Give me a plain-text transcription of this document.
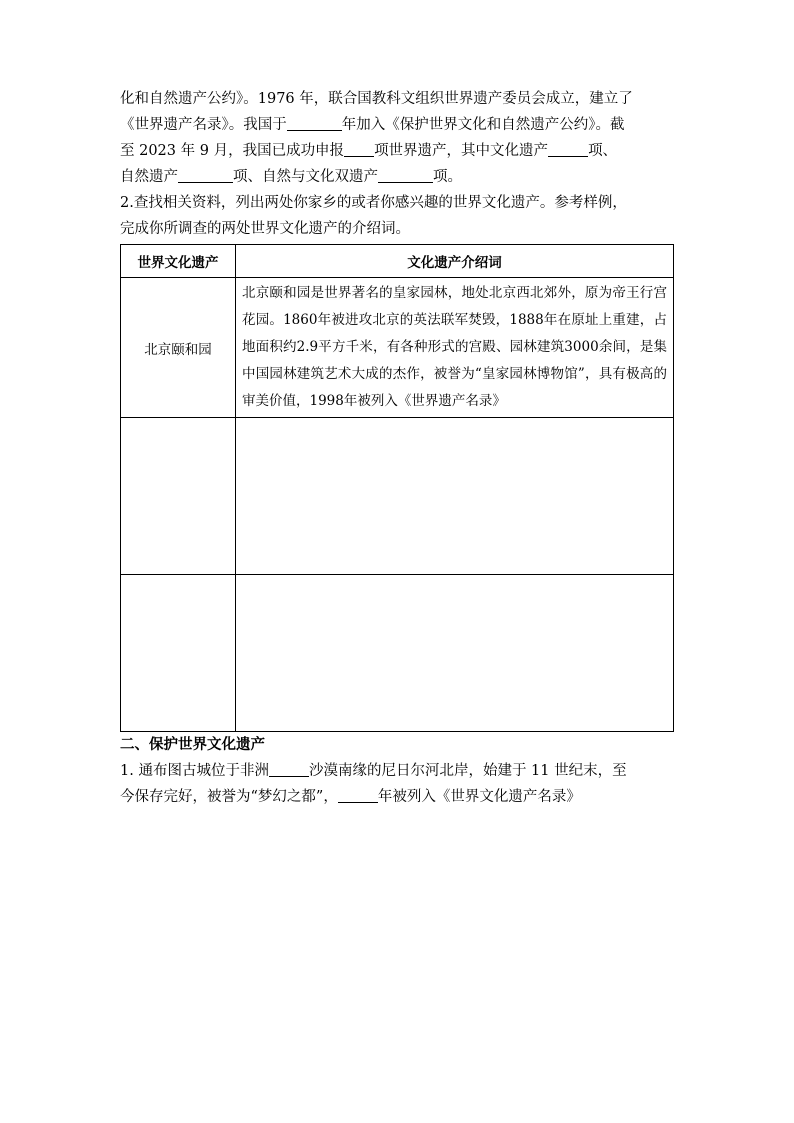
化和自然遗产公约》。1976 年，联合国教科文组织世界遗产委员会成立，建立了

《世界遗产名录》。我国于	年加入《保护世界文化和自然遗产公约》。截

至 2023 年 9 月，我国已成功申报 项世界遗产，其中文化遗产	项、

自然遗产	项、自然与文化双遗产	项。

2.查找相关资料，列出两处你家乡的或者你感兴趣的世界文化遗产。参考样例，

完成你所调查的两处世界文化遗产的介绍词。

世界文化遗产	文化遗产介绍词
北京颐和园	北京颐和园是世界著名的皇家园林，地处北京西北郊外，原为帝王行宫花园。1860年被进攻北京的英法联军焚毁，1888年在原址上重建，占地面积约2.9平方千米，有各种形式的宫殿、园林建筑3000余间，是集中国园林建筑艺术大成的杰作，被誉为“皇家园林博物馆”，具有极高的审美价值，1998年被列入《世界遗产名录》

二、保护世界文化遗产

1. 通布图古城位于非洲	沙漠南缘的尼日尔河北岸，始建于 11 世纪末，至

今保存完好，被誉为“梦幻之都”，	年被列入《世界文化遗产名录》
